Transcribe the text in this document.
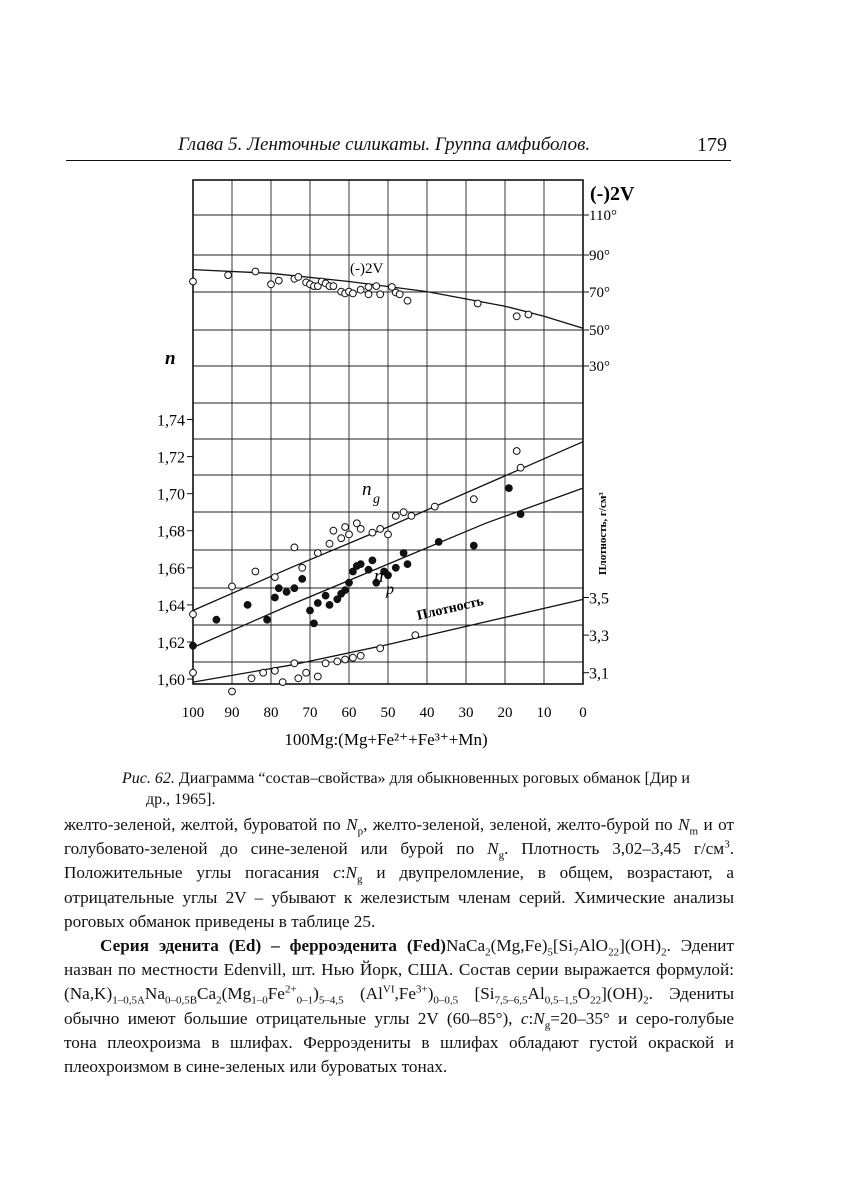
Глава 5. Ленточные силикаты. Группа амфиболов.	179
100 90 80 70 60 50 40 30 20 10 0
100Mg:(Mg+Fe²⁺+Fe³⁺+Mn)
n
1,60
1,62
1,64
1,66
1,68
1,70
1,72
1,74
(-)2V
110°
90°
70°
50°
30°
3,5
3,3
3,1
Плотность, г/см³
(-)2V
n g
n
p
Плотность
Рис. 62. Диаграмма “состав–свойства» для обыкновенных роговых обманок [Дир и
др., 1965].

желто-зеленой, желтой, буроватой по $N_p$, желто-зеленой, зеленой, желто-бурой по $N_m$ и от голубовато-зеленой до сине-зеленой или бурой по $N_g$. Плотность 3,02–3,45 $г/см^3$. Положительные углы погасания $c:N_g$ и двупреломление, в общем, возрастают, а отрицательные углы 2V – убывают к железистым членам серий. Химические анализы роговых обманок приведены в таблице 25.

Серия эденита (Ed) – ферроэденита $(Fed)NaCa_2(Mg,Fe)_5[Si_7AlO_{22}](OH)_2$. Эденит назван по местности Edenvill, шт. Нью Йорк, США. Состав серии выражается формулой: $(Na,K)_{1-0,5A}Na_{0-0,5B}Ca_2(Mg_{1-0}Fe^{2+}_{0-1})_{5-4,5}$ $(Al^{VI},Fe^{3+})_{0-0,5}$ $[Si_{7,5-6,5}Al_{0,5-1,5}O_{22}](OH)_2$. Эдениты обычно имеют большие отрицательные углы 2V (60–85°), $c:N_g=20-35^\circ$ и серо-голубые тона плеохроизма в шлифах. Ферроэдениты в шлифах обладают густой окраской и плеохроизмом в сине-зеленых или буроватых тонах.
